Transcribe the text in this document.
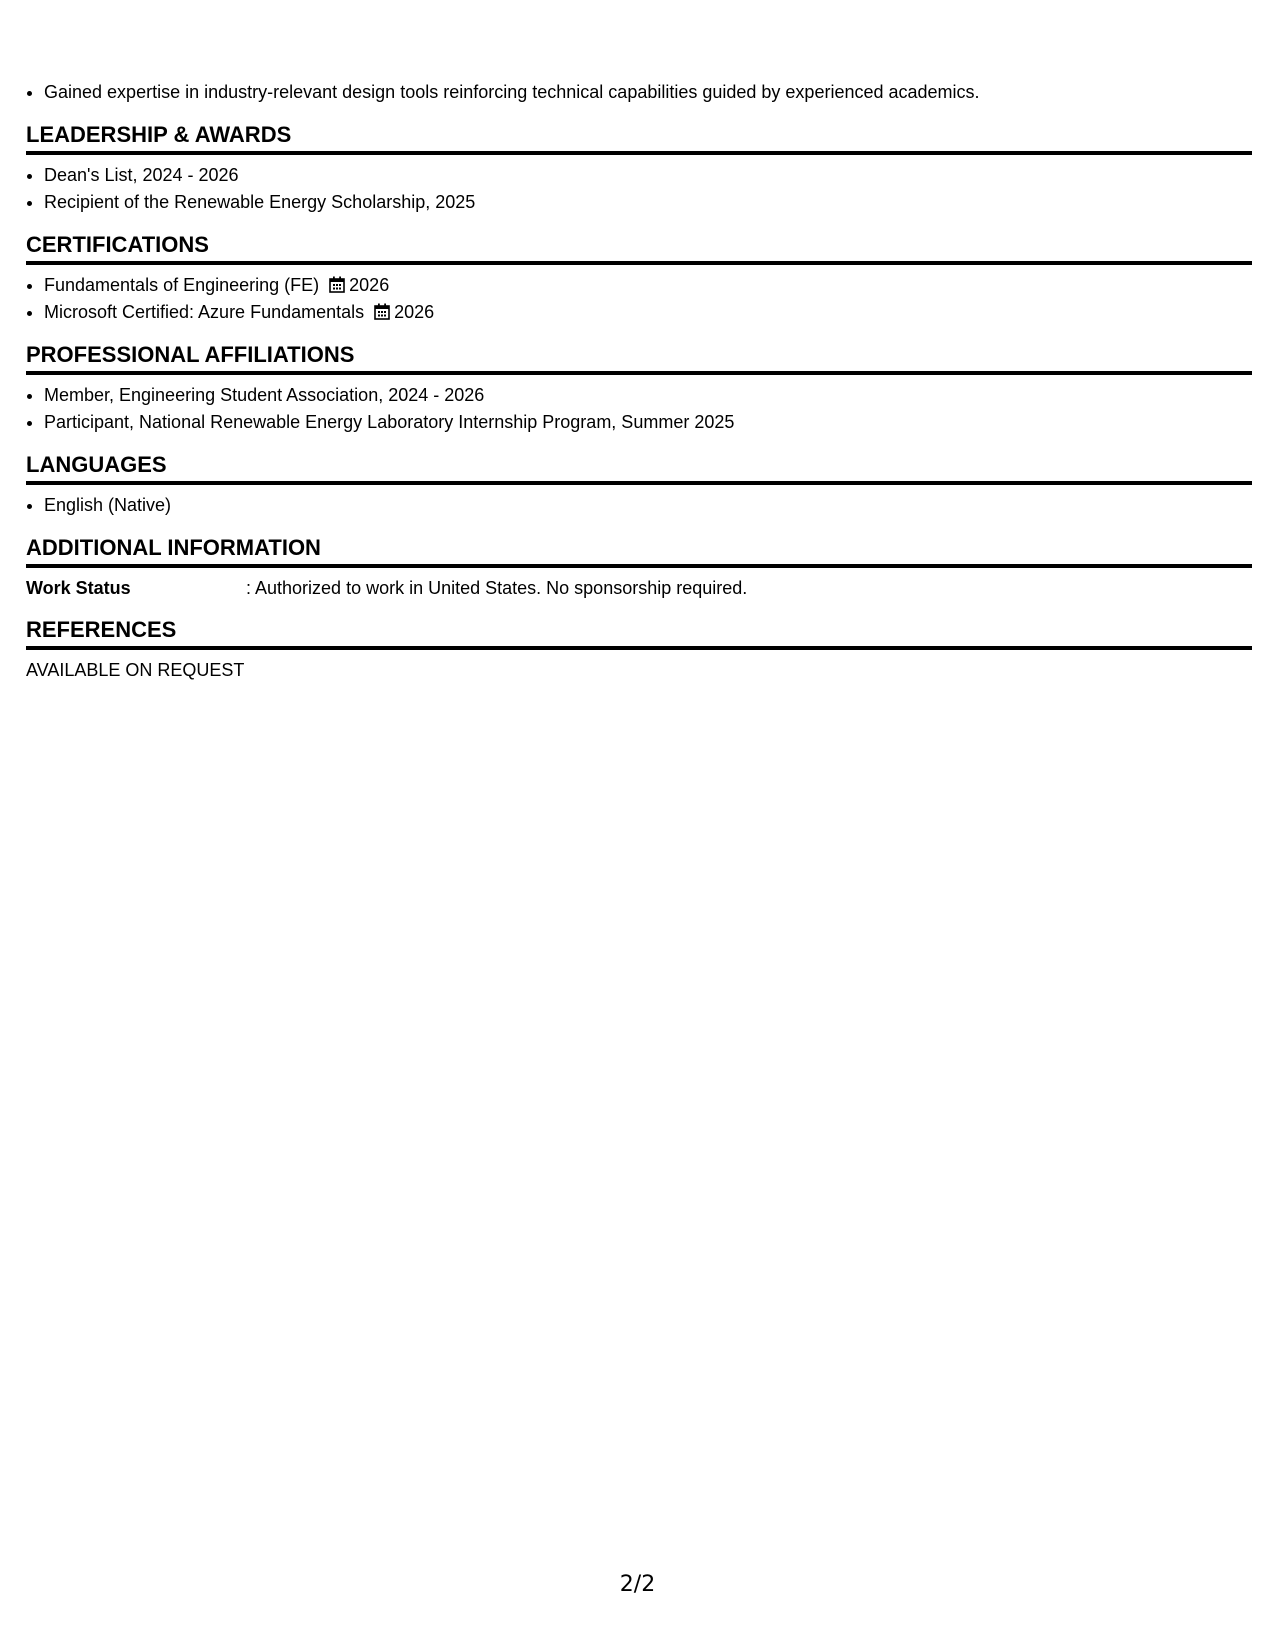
• Gained expertise in industry-relevant design tools reinforcing technical capabilities guided by experienced academics.
LEADERSHIP & AWARDS
• Dean's List, 2024 - 2026
• Recipient of the Renewable Energy Scholarship, 2025
CERTIFICATIONS
• Fundamentals of Engineering (FE) 2026
• Microsoft Certified: Azure Fundamentals 2026
PROFESSIONAL AFFILIATIONS
• Member, Engineering Student Association, 2024 - 2026
• Participant, National Renewable Energy Laboratory Internship Program, Summer 2025
LANGUAGES
• English (Native)
ADDITIONAL INFORMATION
Work Status	: Authorized to work in United States. No sponsorship required.
REFERENCES
AVAILABLE ON REQUEST
2/2
